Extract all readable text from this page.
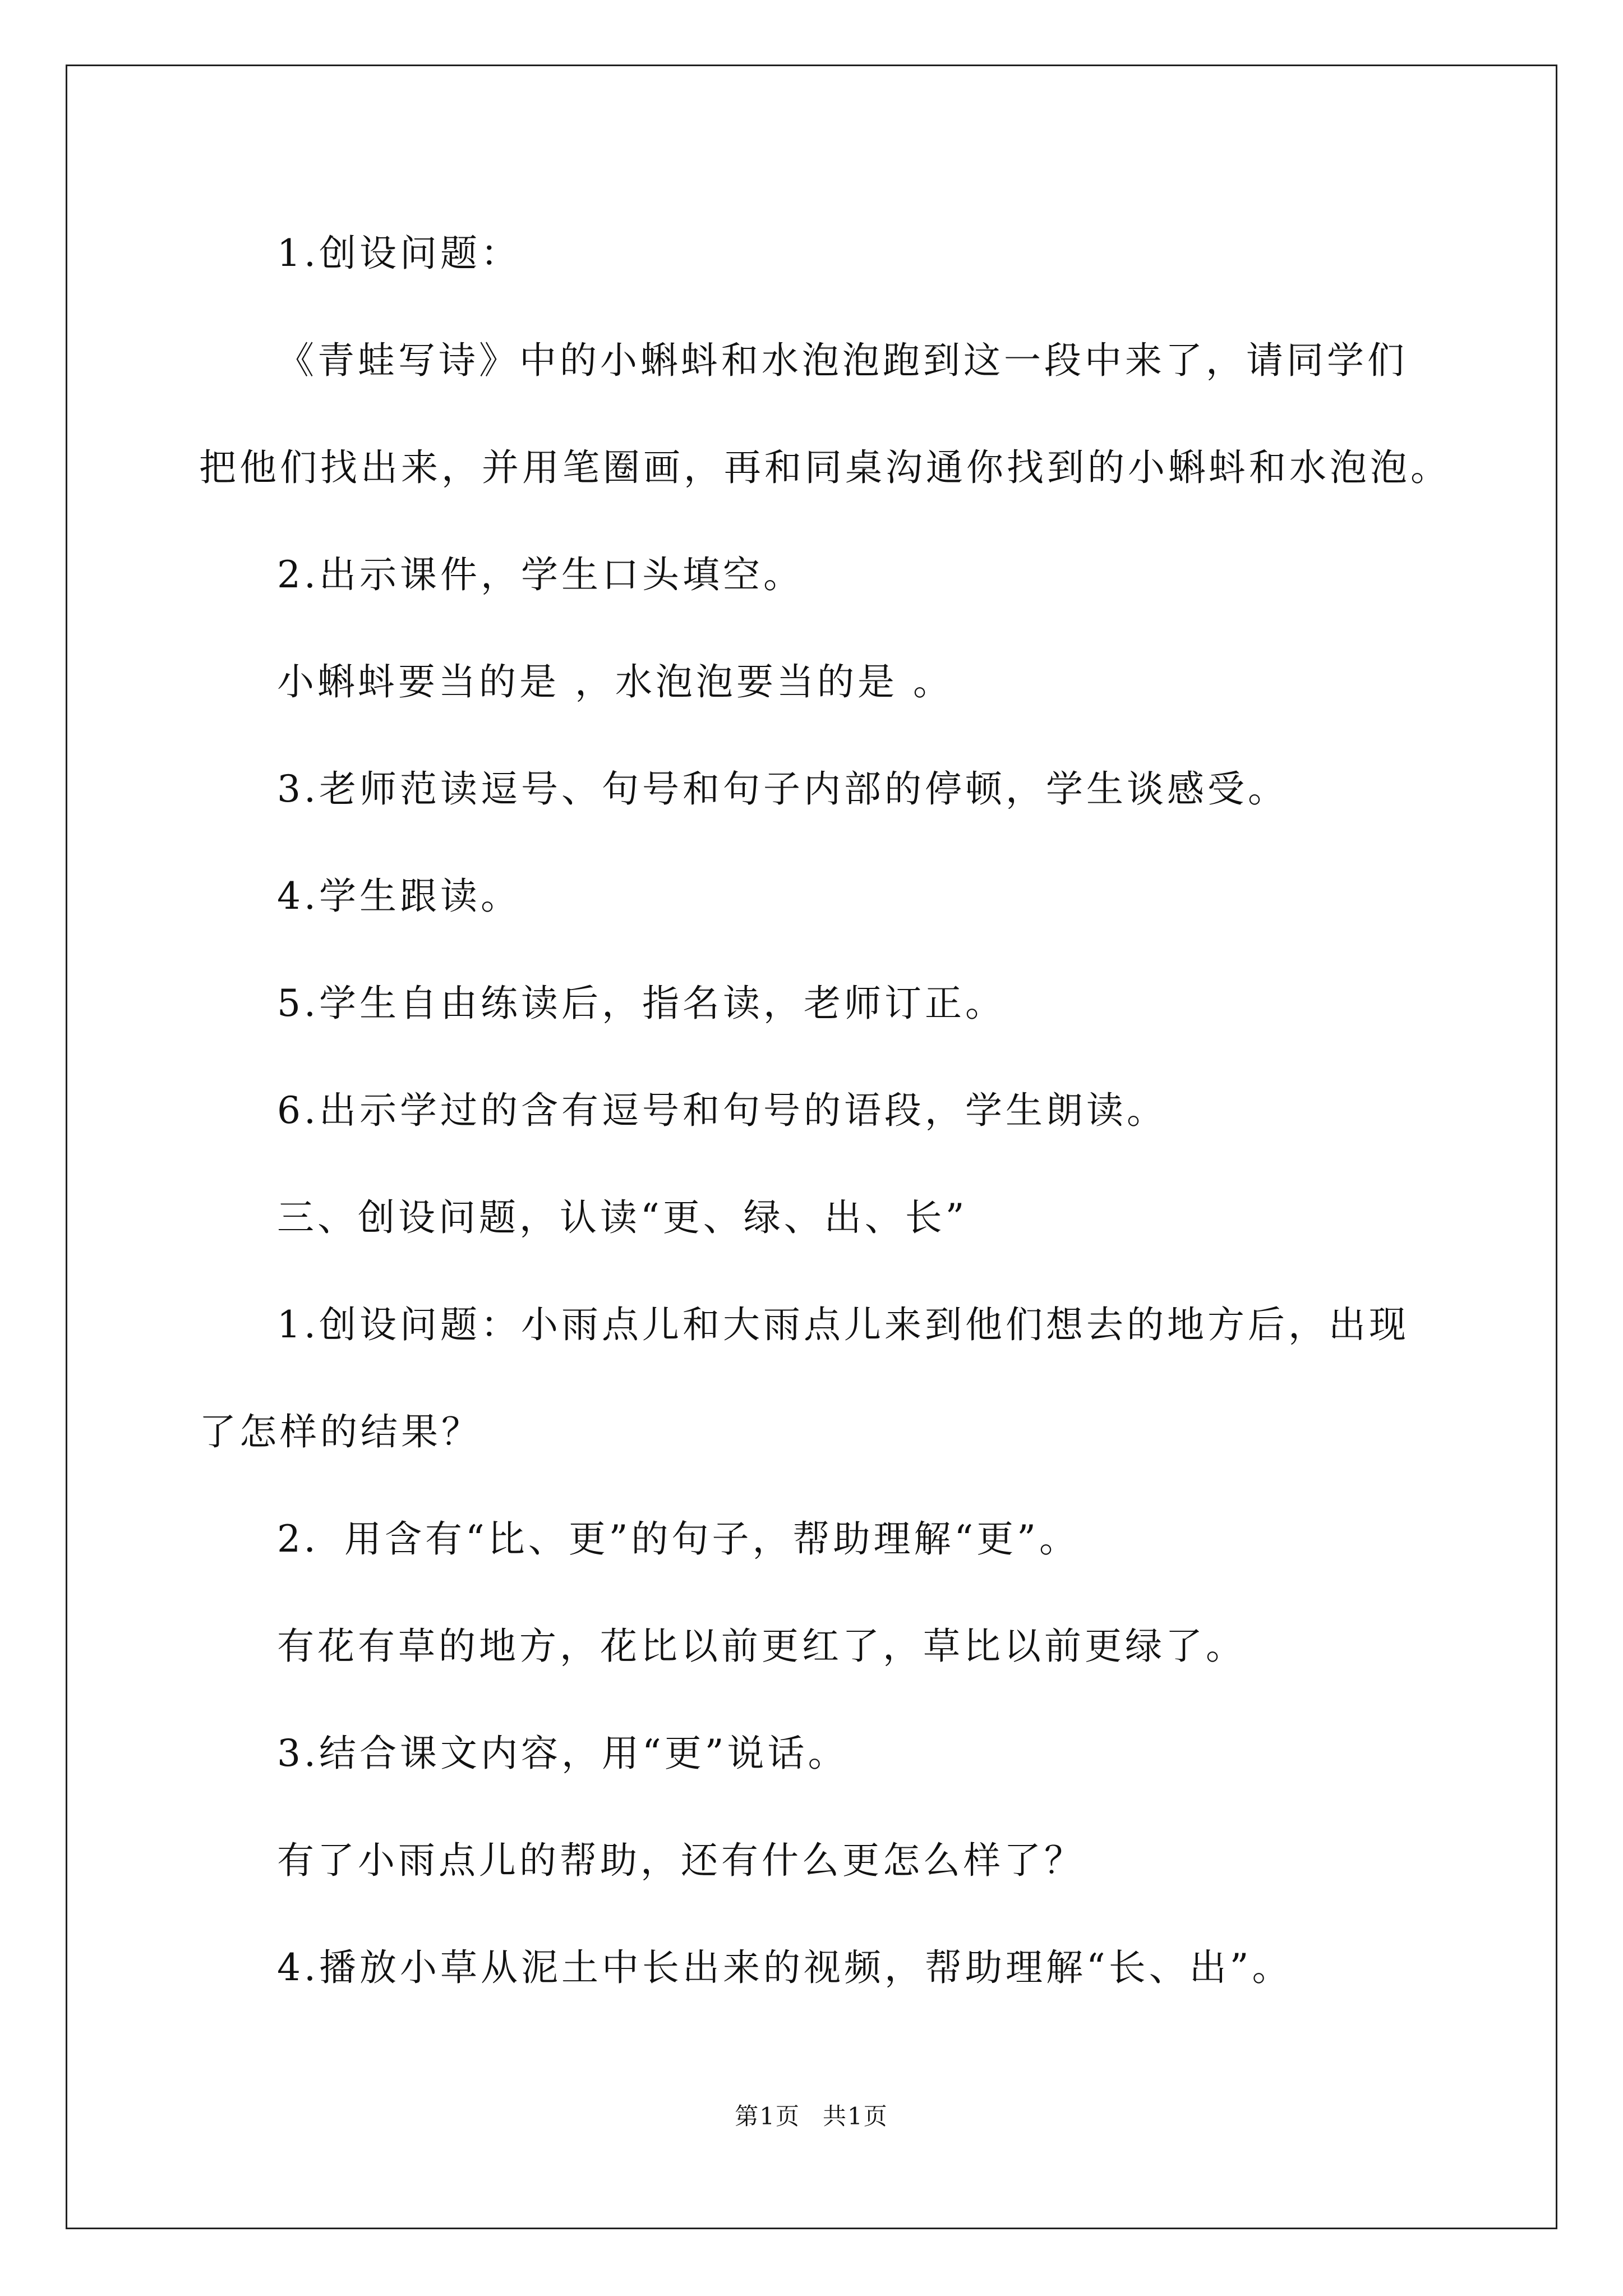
1.创设问题：
《青蛙写诗》中的小蝌蚪和水泡泡跑到这一段中来了，请同学们
把他们找出来，并用笔圈画，再和同桌沟通你找到的小蝌蚪和水泡泡。
2.出示课件，学生口头填空。
小蝌蚪要当的是 ，水泡泡要当的是 。
3.老师范读逗号、句号和句子内部的停顿，学生谈感受。
4.学生跟读。
5.学生自由练读后，指名读，老师订正。
6.出示学过的含有逗号和句号的语段，学生朗读。
三、创设问题，认读“更、绿、出、长”
1.创设问题：小雨点儿和大雨点儿来到他们想去的地方后，出现
了怎样的结果？
2．用含有“比、更”的句子，帮助理解“更”。
有花有草的地方，花比以前更红了，草比以前更绿了。
3.结合课文内容，用“更”说话。
有了小雨点儿的帮助，还有什么更怎么样了？
4.播放小草从泥土中长出来的视频，帮助理解“长、出”。
第1页 共1页
